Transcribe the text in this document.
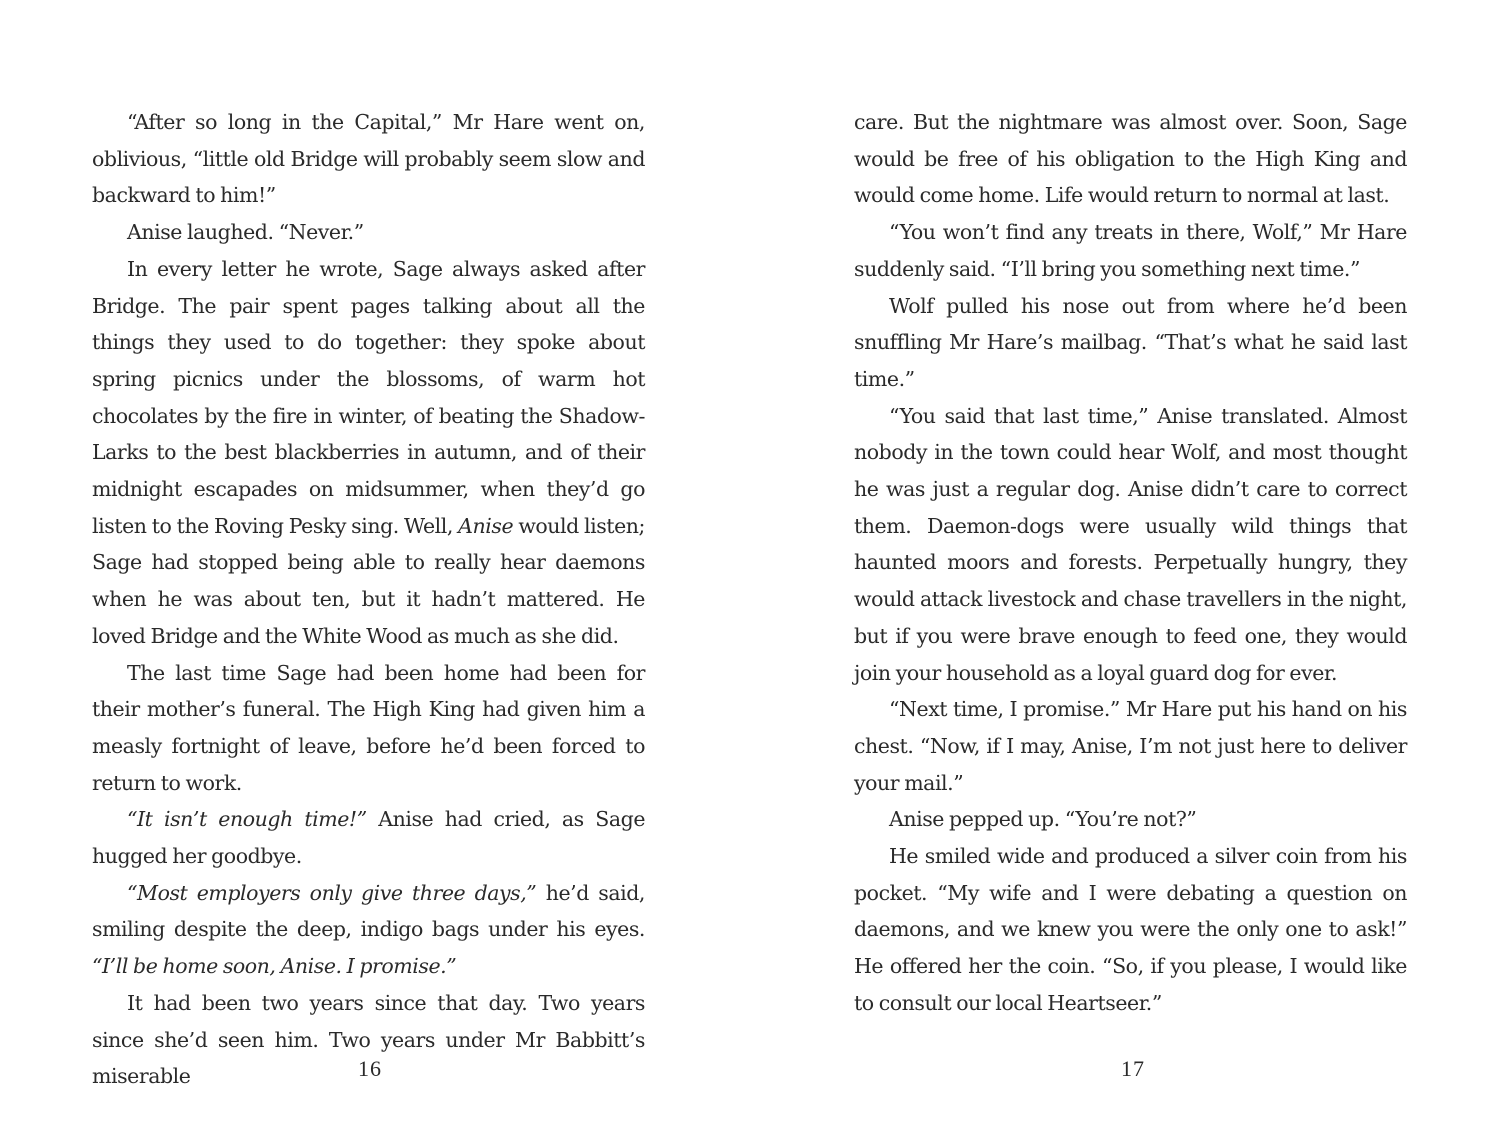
“After so long in the Capital,” Mr Hare went on, oblivious, “little old Bridge will probably seem slow and backward to him!”

Anise laughed. “Never.”

In every letter he wrote, Sage always asked after Bridge. The pair spent pages talking about all the things they used to do together: they spoke about spring picnics under the blossoms, of warm hot chocolates by the fire in winter, of beating the Shadow-Larks to the best blackberries in autumn, and of their midnight escapades on midsummer, when they’d go listen to the Roving Pesky sing. Well, Anise would listen; Sage had stopped being able to really hear daemons when he was about ten, but it hadn’t mattered. He loved Bridge and the White Wood as much as she did.

The last time Sage had been home had been for their mother’s funeral. The High King had given him a measly fortnight of leave, before he’d been forced to return to work.

“It isn’t enough time!” Anise had cried, as Sage hugged her goodbye.

“Most employers only give three days,” he’d said, smiling despite the deep, indigo bags under his eyes. “I’ll be home soon, Anise. I promise.”

It had been two years since that day. Two years since she’d seen him. Two years under Mr Babbitt’s miserable	16

care. But the nightmare was almost over. Soon, Sage would be free of his obligation to the High King and would come home. Life would return to normal at last.

“You won’t find any treats in there, Wolf,” Mr Hare suddenly said. “I’ll bring you something next time.”

Wolf pulled his nose out from where he’d been snuffling Mr Hare’s mailbag. “That’s what he said last time.”

“You said that last time,” Anise translated. Almost nobody in the town could hear Wolf, and most thought he was just a regular dog. Anise didn’t care to correct them. Daemon-dogs were usually wild things that haunted moors and forests. Perpetually hungry, they would attack livestock and chase travellers in the night, but if you were brave enough to feed one, they would join your household as a loyal guard dog for ever.

“Next time, I promise.” Mr Hare put his hand on his chest. “Now, if I may, Anise, I’m not just here to deliver your mail.”

Anise pepped up. “You’re not?”

He smiled wide and produced a silver coin from his pocket. “My wife and I were debating a question on daemons, and we knew you were the only one to ask!” He offered her the coin. “So, if you please, I would like to consult our local Heartseer.”

17
